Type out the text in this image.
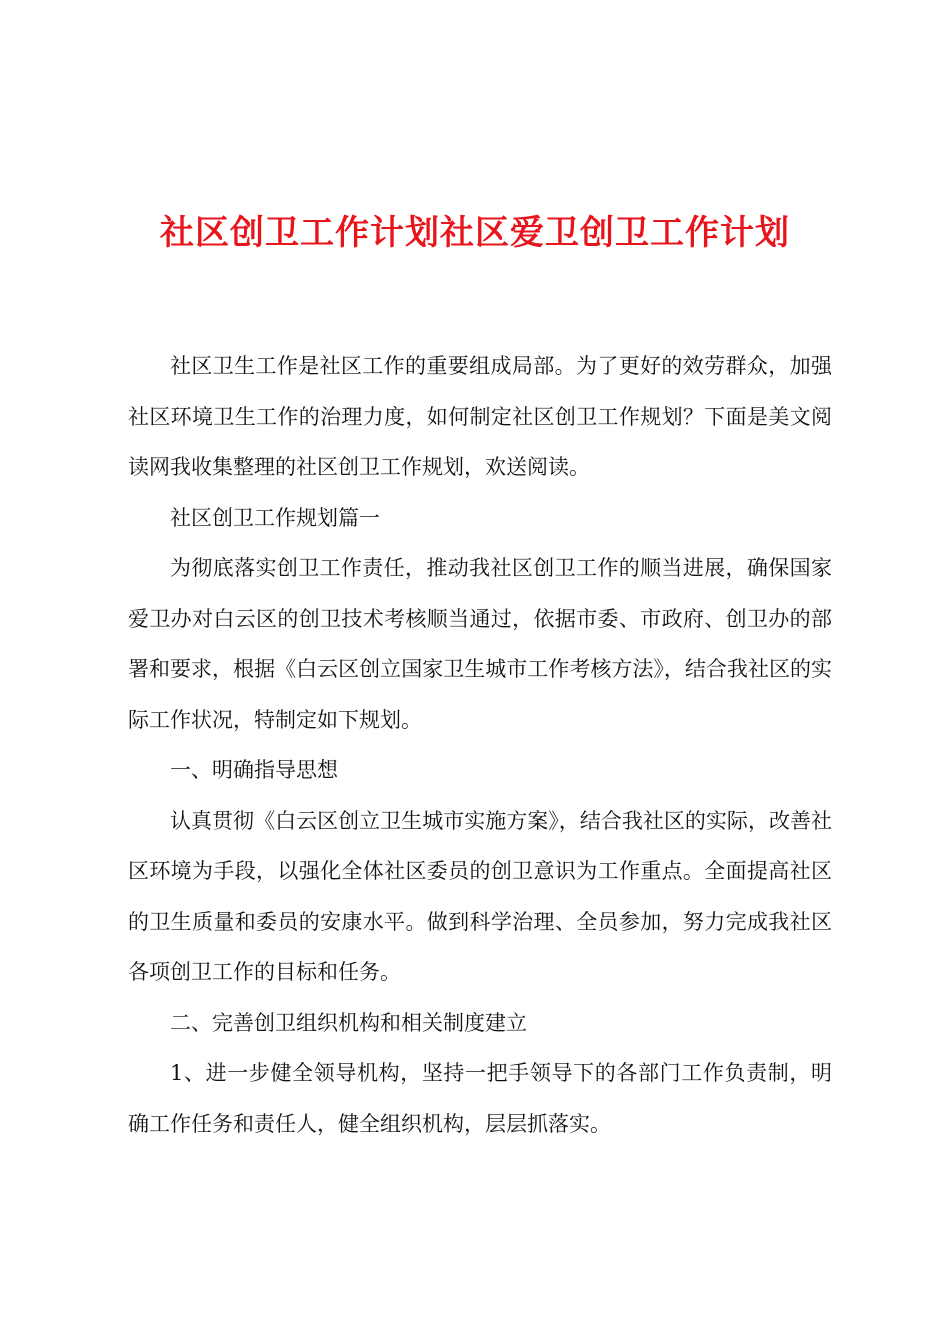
社区创卫工作计划社区爱卫创卫工作计划

社区卫生工作是社区工作的重要组成局部。为了更好的效劳群众，加强社区环境卫生工作的治理力度，如何制定社区创卫工作规划？下面是美文阅读网我收集整理的社区创卫工作规划，欢送阅读。

社区创卫工作规划篇一

为彻底落实创卫工作责任，推动我社区创卫工作的顺当进展，确保国家爱卫办对白云区的创卫技术考核顺当通过，依据市委、市政府、创卫办的部署和要求，根据《白云区创立国家卫生城市工作考核方法》，结合我社区的实际工作状况，特制定如下规划。

一、明确指导思想

认真贯彻《白云区创立卫生城市实施方案》，结合我社区的实际，改善社区环境为手段，以强化全体社区委员的创卫意识为工作重点。全面提高社区的卫生质量和委员的安康水平。做到科学治理、全员参加，努力完成我社区各项创卫工作的目标和任务。

二、完善创卫组织机构和相关制度建立

1、进一步健全领导机构，坚持一把手领导下的各部门工作负责制，明确工作任务和责任人，健全组织机构，层层抓落实。
